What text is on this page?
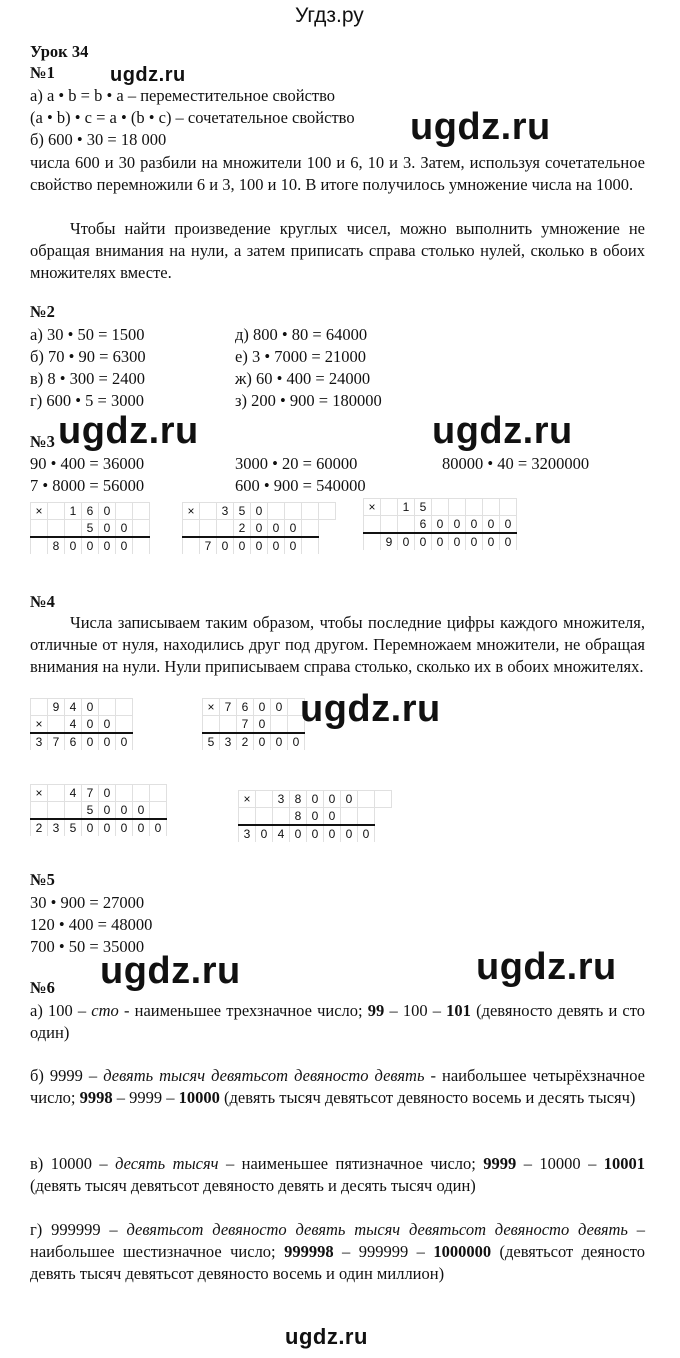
Угдз.ру
Урок 34
№1	ugdz.ru
а) a • b = b • a – переместительное свойство
(a • b) • c = a • (b • c) – сочетательное свойство ugdz.ru
б) 600 • 30 = 18 000
числа 600 и 30 разбили на множители 100 и 6, 10 и 3. Затем, используя сочетательное свойство перемножили 6 и 3, 100 и 10. В итоге получилось умножение числа на 1000.
Чтобы найти произведение круглых чисел, можно выполнить умножение не обращая внимания на нули, а затем приписать справа столько нулей, сколько в обоих множителях вместе.
№2
а) 30 • 50 = 1500
б) 70 • 90 = 6300
в) 8 • 300 = 2400
г) 600 • 5 = 3000
д) 800 • 80 = 64000
е) 3 • 7000 = 21000
ж) 60 • 400 = 24000
з) 200 • 900 = 180000
№3 ugdz.ru	ugdz.ru
90 • 400 = 36000	3000 • 20 = 60000	80000 • 40 = 3200000
7 • 8000 = 56000	600 • 900 = 540000
×		1	6	0		
			5	0	0	
	8	0	0	0	0	
×		3	5	0				
			2	0	0	0		
	7	0	0	0	0	0		
×		1	5					
			6	0	0	0	0	0
	9	0	0	0	0	0	0	0
№4
Числа записываем таким образом, чтобы последние цифры каждого множителя, отличные от нуля, находились друг под другом. Перемножаем множители, не обращая внимания на нули. Нули приписываем справа столько, сколько их в обоих множителях.
	9	4	0		
×		4	0	0	
3	7	6	0	0	0
×	7	6	0	0	
		7	0		
5	3	2	0	0	0
ugdz.ru
×		4	7	0			
			5	0	0	0	
2	3	5	0	0	0	0	0
×		3	8	0	0	0		
			8	0	0			
3	0	4	0	0	0	0	0	
№5
30 • 900 = 27000
120 • 400 = 48000
700 • 50 = 35000
ugdz.ru	ugdz.ru
№6
а) 100 – сто - наименьшее трехзначное число; 99 – 100 – 101 (девяносто девять и сто один)
б) 9999 – девять тысяч девятьсот девяносто девять - наибольшее четырёхзначное число; 9998 – 9999 – 10000 (девять тысяч девятьсот девяносто восемь и десять тысяч)
в) 10000 – десять тысяч – наименьшее пятизначное число; 9999 – 10000 – 10001 (девять тысяч девятьсот девяносто девять и десять тысяч один)
г) 999999 – девятьсот девяносто девять тысяч девятьсот девяносто девять – наибольшее шестизначное число; 999998 – 999999 – 1000000 (девятьсот деяносто девять тысяч девятьсот девяносто восемь и один миллион)
ugdz.ru
